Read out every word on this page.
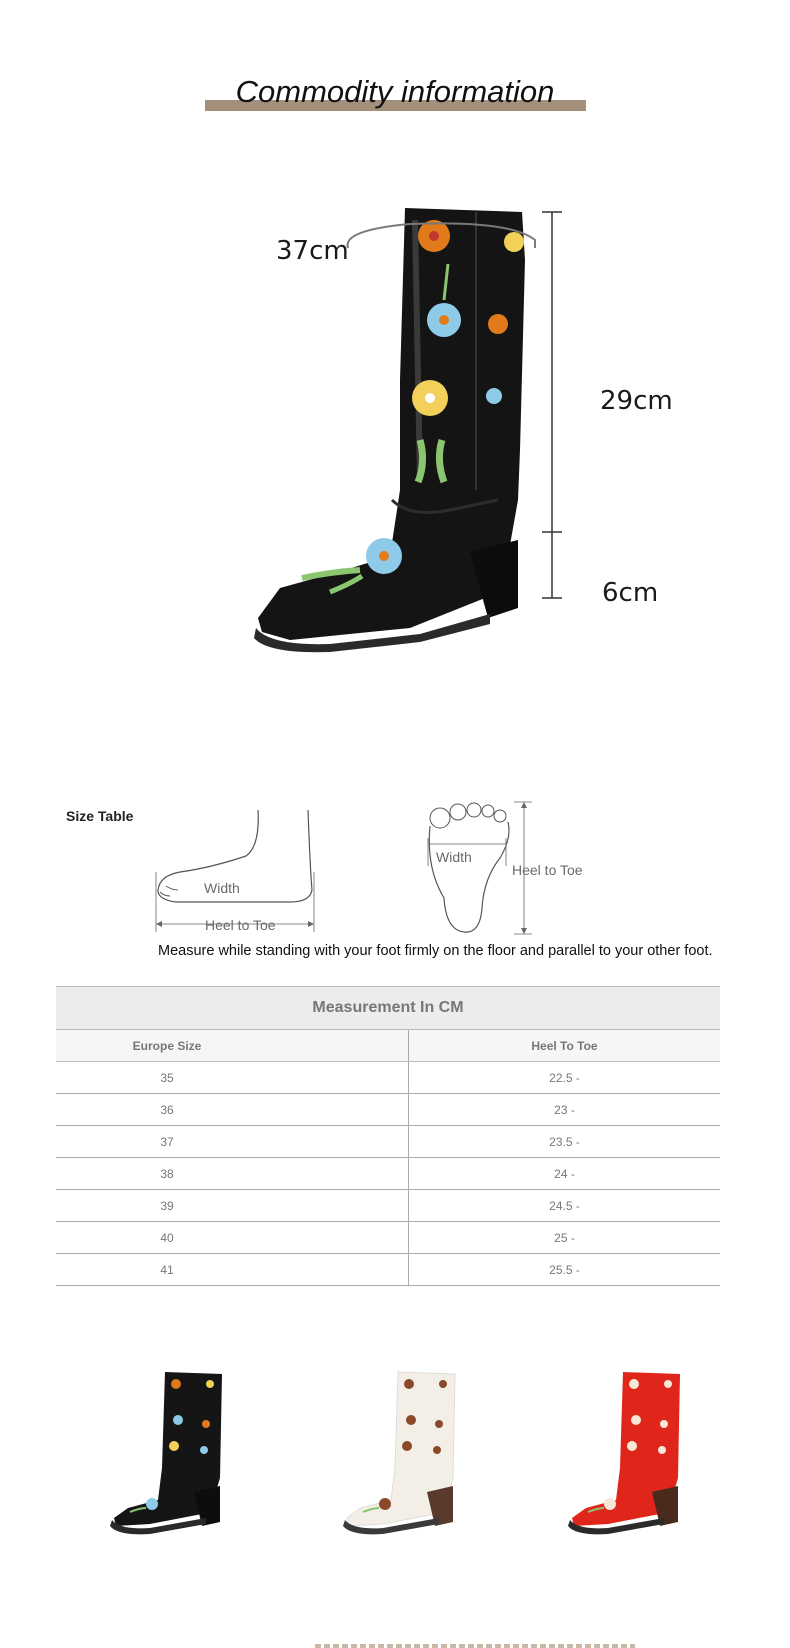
Commodity information
37cm
29cm
6cm
Size Table
Width
Heel to Toe
Width
Heel to Toe
Measure while standing with your foot firmly on the floor and parallel to your other foot.
Measurement In CM		
Europe Size		Heel To Toe
35		22.5 -
36		23 -
37		23.5 -
38		24 -
39		24.5 -
40		25 -
41		25.5 -
